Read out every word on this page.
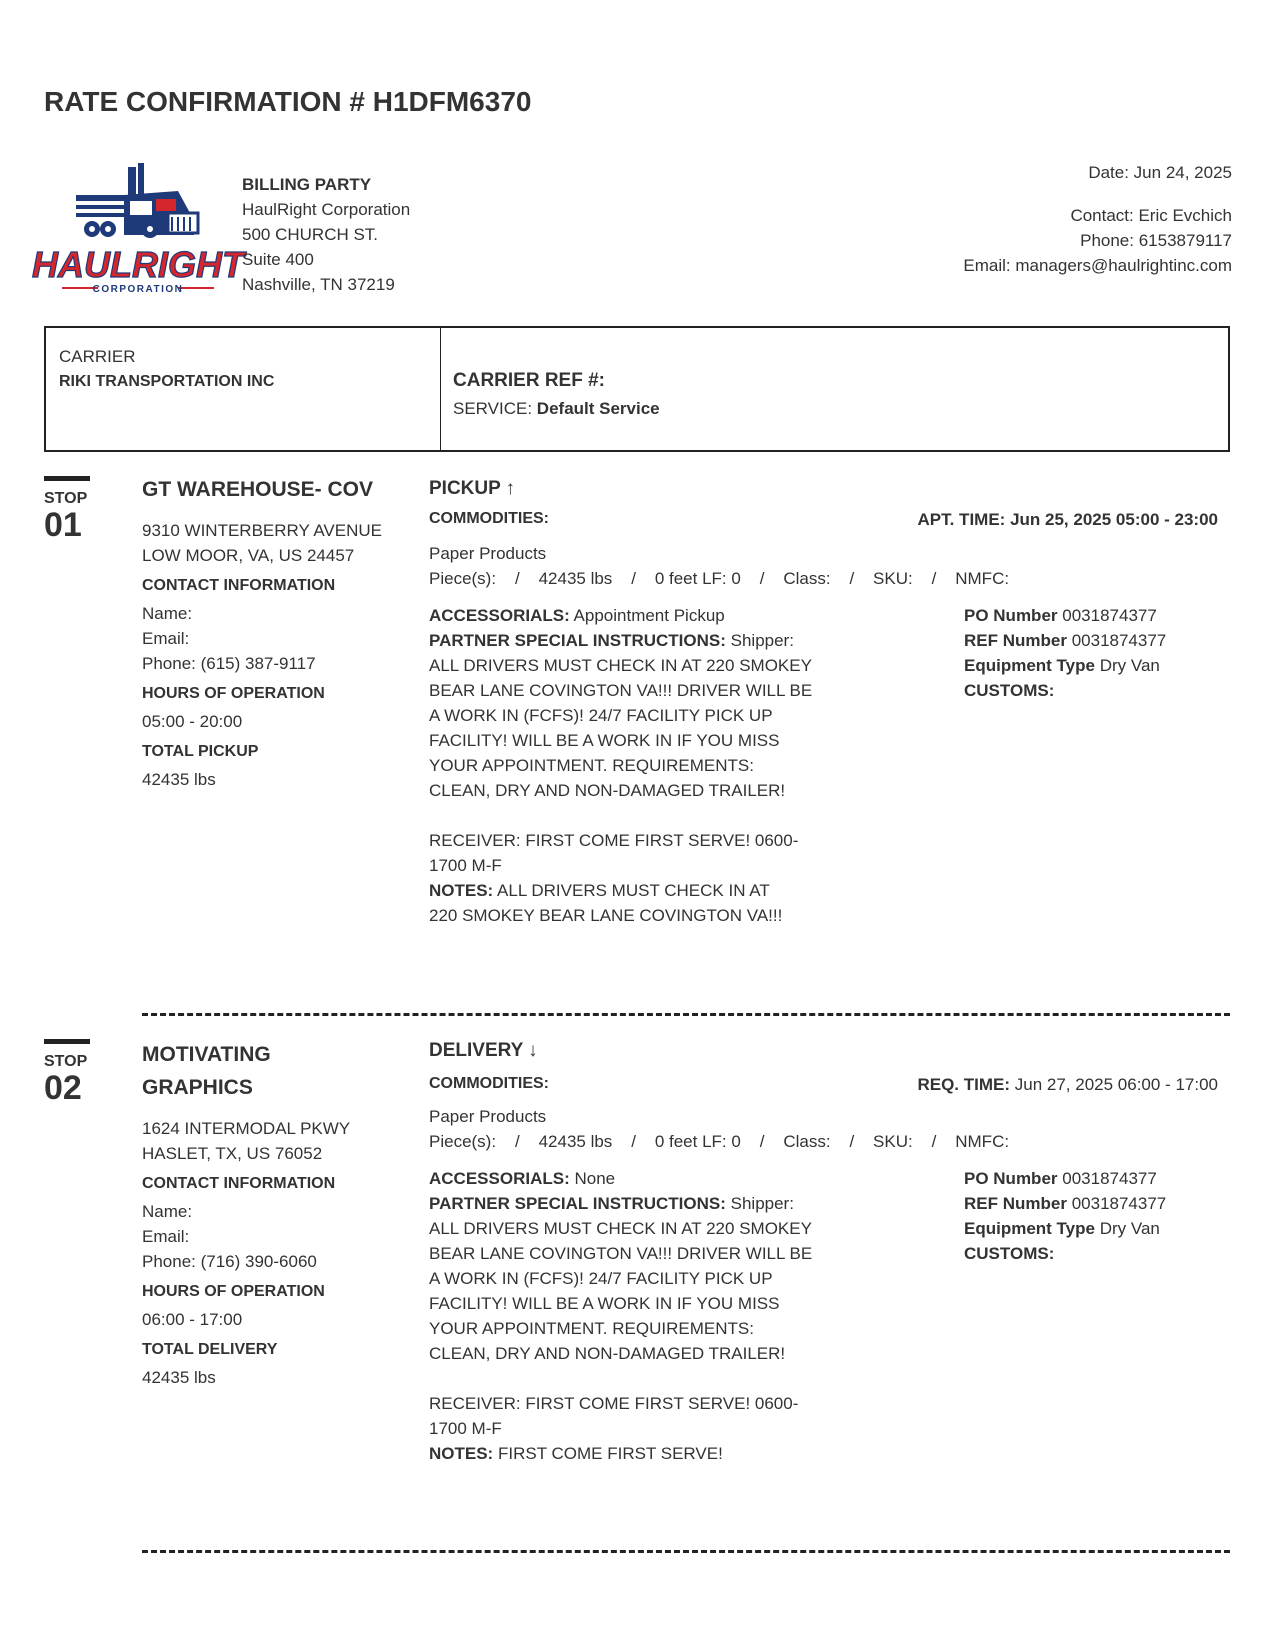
RATE CONFIRMATION # H1DFM6370
HAULRIGHT
CORPORATION
BILLING PARTY
HaulRight Corporation
500 CHURCH ST.
Suite 400
Nashville, TN 37219
Date: Jun 24, 2025
Contact: Eric Evchich
Phone: 6153879117
Email: managers@haulrightinc.com
CARRIER
RIKI TRANSPORTATION INC	CARRIER REF #:
SERVICE: Default Service
STOP
01
GT WAREHOUSE- COV
9310 WINTERBERRY AVENUE
LOW MOOR, VA, US 24457
CONTACT INFORMATION
Name:
Email:
Phone: (615) 387-9117
HOURS OF OPERATION
05:00 - 20:00
TOTAL PICKUP
42435 lbs
PICKUP ↑
COMMODITIES:	APT. TIME: Jun 25, 2025 05:00 - 23:00
Paper Products
Piece(s):    /    42435 lbs    /    0 feet LF: 0    /    Class:    /    SKU:    /    NMFC:
ACCESSORIALS: Appointment Pickup
PARTNER SPECIAL INSTRUCTIONS: Shipper: ALL DRIVERS MUST CHECK IN AT 220 SMOKEY BEAR LANE COVINGTON VA!!! DRIVER WILL BE A WORK IN (FCFS)! 24/7 FACILITY PICK UP FACILITY! WILL BE A WORK IN IF YOU MISS YOUR APPOINTMENT. REQUIREMENTS: CLEAN, DRY AND NON-DAMAGED TRAILER!
RECEIVER: FIRST COME FIRST SERVE! 0600-1700 M-F
NOTES: ALL DRIVERS MUST CHECK IN AT 220 SMOKEY BEAR LANE COVINGTON VA!!!
PO Number 0031874377
REF Number 0031874377
Equipment Type Dry Van
CUSTOMS:
STOP
02
MOTIVATING GRAPHICS
1624 INTERMODAL PKWY
HASLET, TX, US 76052
CONTACT INFORMATION
Name:
Email:
Phone: (716) 390-6060
HOURS OF OPERATION
06:00 - 17:00
TOTAL DELIVERY
42435 lbs
DELIVERY ↓
COMMODITIES:	REQ. TIME: Jun 27, 2025 06:00 - 17:00
Paper Products
Piece(s):    /    42435 lbs    /    0 feet LF: 0    /    Class:    /    SKU:    /    NMFC:
ACCESSORIALS: None
PARTNER SPECIAL INSTRUCTIONS: Shipper: ALL DRIVERS MUST CHECK IN AT 220 SMOKEY BEAR LANE COVINGTON VA!!! DRIVER WILL BE A WORK IN (FCFS)! 24/7 FACILITY PICK UP FACILITY! WILL BE A WORK IN IF YOU MISS YOUR APPOINTMENT. REQUIREMENTS: CLEAN, DRY AND NON-DAMAGED TRAILER!
RECEIVER: FIRST COME FIRST SERVE! 0600-1700 M-F
NOTES: FIRST COME FIRST SERVE!
PO Number 0031874377
REF Number 0031874377
Equipment Type Dry Van
CUSTOMS:
